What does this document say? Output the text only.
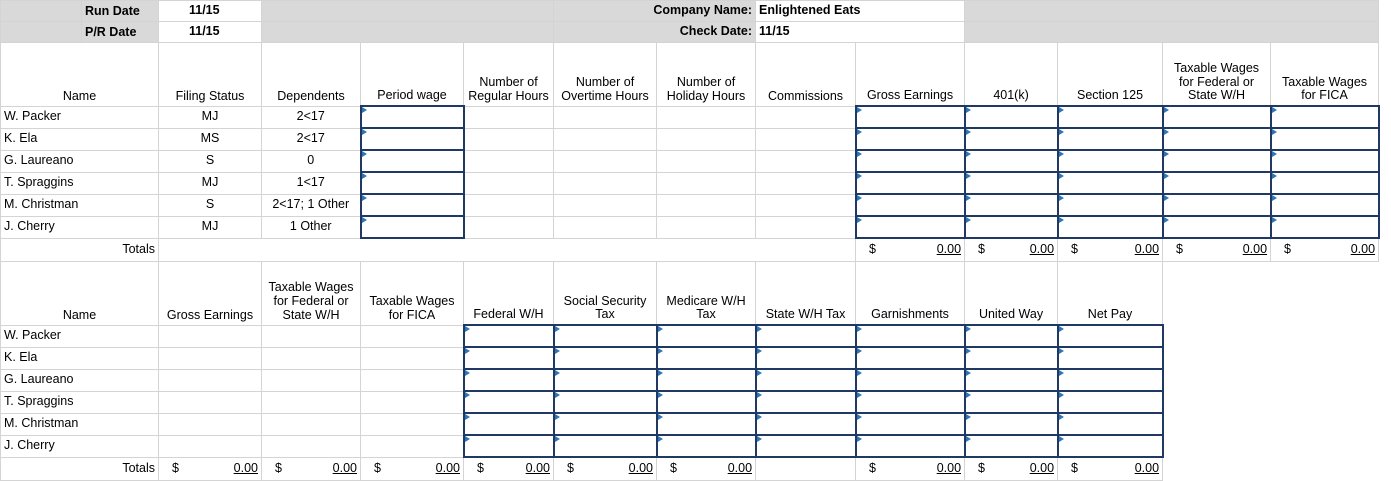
Run Date	11/15				Company Name:		Enlightened Eats					

P/R Date	11/15				Check Date:		11/15					
Name	Filing Status	Dependents	Period wage	Number of Regular Hours	Number of Overtime Hours	Number of Holiday Hours	Commissions	Gross Earnings	401(k)	Section 125	Taxable Wages for Federal or State W/H	Taxable Wages for FICA
W. Packer	MJ	2<17										
K. Ela	MS	2<17										
G. Laureano	S	0										
T. Spraggins	MJ	1<17										
M. Christman	S	2<17; 1 Other										
J. Cherry	MJ	1 Other										
Totals								$ 0.00	$ 0.00	$ 0.00	$ 0.00	$ 0.00

Name	Gross Earnings	Taxable Wages for Federal or State W/H	Taxable Wages for FICA	Federal W/H	Social Security Tax	Medicare W/H Tax	State W/H Tax	Garnishments	United Way	Net Pay		
W. Packer												
K. Ela												
G. Laureano												
T. Spraggins												
M. Christman												
J. Cherry												
Totals	$ 0.00	$ 0.00	$ 0.00	$ 0.00	$ 0.00	$ 0.00		$ 0.00	$ 0.00	$ 0.00		
